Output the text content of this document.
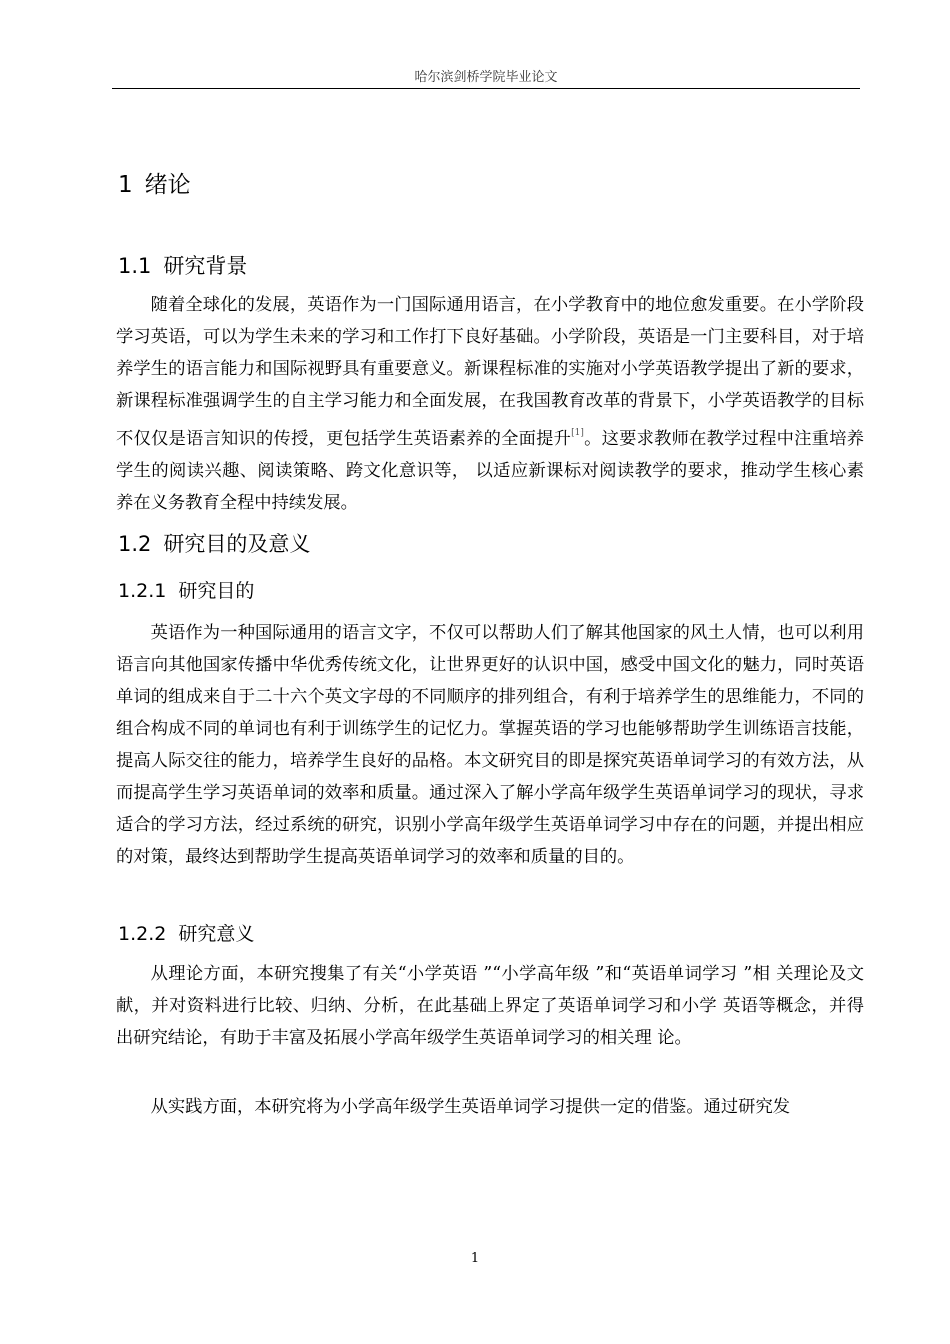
哈尔滨剑桥学院毕业论文
1 绪论
1.1 研究背景

随着全球化的发展，英语作为一门国际通用语言，在小学教育中的地位愈发重要。在小学阶段学习英语，可以为学生未来的学习和工作打下良好基础。小学阶段，英语是一门主要科目，对于培养学生的语言能力和国际视野具有重要意义。新课程标准的实施对小学英语教学提出了新的要求，新课程标准强调学生的自主学习能力和全面发展，在我国教育改革的背景下，小学英语教学的目标不仅仅是语言知识的传授，更包括学生英语素养的全面提升[1]。这要求教师在教学过程中注重培养学生的阅读兴趣、阅读策略、跨文化意识等， 以适应新课标对阅读教学的要求，推动学生核心素养在义务教育全程中持续发展。

1.2 研究目的及意义
1.2.1 研究目的

英语作为一种国际通用的语言文字，不仅可以帮助人们了解其他国家的风土人情，也可以利用语言向其他国家传播中华优秀传统文化，让世界更好的认识中国，感受中国文化的魅力，同时英语单词的组成来自于二十六个英文字母的不同顺序的排列组合，有利于培养学生的思维能力，不同的组合构成不同的单词也有利于训练学生的记忆力。掌握英语的学习也能够帮助学生训练语言技能，提高人际交往的能力，培养学生良好的品格。本文研究目的即是探究英语单词学习的有效方法，从而提高学生学习英语单词的效率和质量。通过深入了解小学高年级学生英语单词学习的现状，寻求适合的学习方法，经过系统的研究，识别小学高年级学生英语单词学习中存在的问题，并提出相应的对策，最终达到帮助学生提高英语单词学习的效率和质量的目的。

1.2.2 研究意义

从理论方面，本研究搜集了有关“小学英语 ”“小学高年级 ”和“英语单词学习 ”相 关理论及文献，并对资料进行比较、归纳、分析，在此基础上界定了英语单词学习和小学 英语等概念，并得出研究结论，有助于丰富及拓展小学高年级学生英语单词学习的相关理 论。

从实践方面，本研究将为小学高年级学生英语单词学习提供一定的借鉴。通过研究发

1
